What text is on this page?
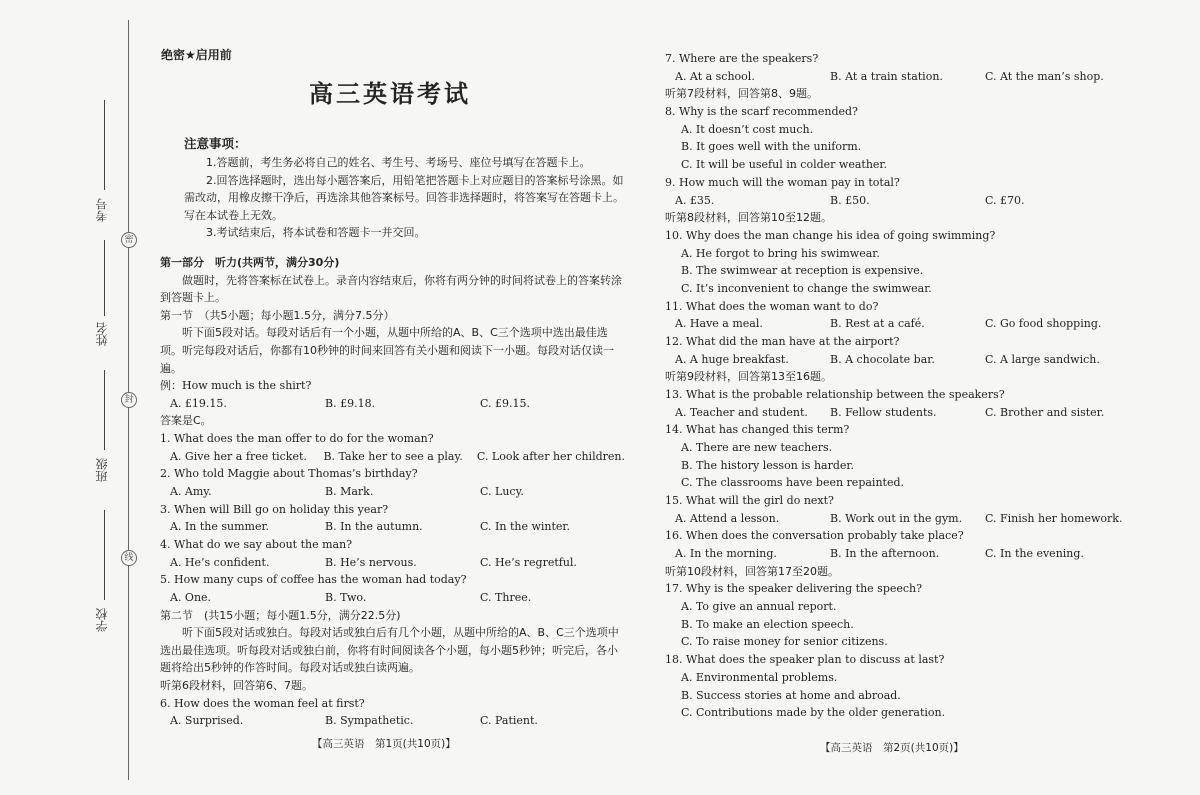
考号
姓名
班级
学校
密
封
线
绝密★启用前
高三英语考试
注意事项：

1.答题前，考生务必将自己的姓名、考生号、考场号、座位号填写在答题卡上。

2.回答选择题时，选出每小题答案后，用铅笔把答题卡上对应题目的答案标号涂黑。如需改动，用橡皮擦干净后，再选涂其他答案标号。回答非选择题时，将答案写在答题卡上。写在本试卷上无效。

3.考试结束后，将本试卷和答题卡一并交回。

第一部分　听力(共两节，满分30分)

做题时，先将答案标在试卷上。录音内容结束后，你将有两分钟的时间将试卷上的答案转涂到答题卡上。

第一节　（共5小题；每小题1.5分，满分7.5分）

听下面5段对话。每段对话后有一个小题，从题中所给的A、B、C三个选项中选出最佳选项。听完每段对话后，你都有10秒钟的时间来回答有关小题和阅读下一小题。每段对话仅读一遍。

例：How much is the shirt?
A. £19.15.	B. £9.18.	C. £9.15.
答案是C。
1. What does the man offer to do for the woman?
A. Give her a free ticket.	B. Take her to see a play.	C. Look after her children.
2. Who told Maggie about Thomas’s birthday?
A. Amy.	B. Mark.	C. Lucy.
3. When will Bill go on holiday this year?
A. In the summer.	B. In the autumn.	C. In the winter.
4. What do we say about the man?
A. He’s confident.	B. He’s nervous.	C. He’s regretful.
5. How many cups of coffee has the woman had today?
A. One.	B. Two.	C. Three.
第二节　(共15小题；每小题1.5分，满分22.5分)

听下面5段对话或独白。每段对话或独白后有几个小题，从题中所给的A、B、C三个选项中选出最佳选项。听每段对话或独白前，你将有时间阅读各个小题，每小题5秒钟；听完后，各小题将给出5秒钟的作答时间。每段对话或独白读两遍。

听第6段材料，回答第6、7题。
6. How does the woman feel at first?
A. Surprised.	B. Sympathetic.	C. Patient.
7. Where are the speakers?
A. At a school.	B. At a train station.	C. At the man’s shop.
听第7段材料，回答第8、9题。
8. Why is the scarf recommended?
A. It doesn’t cost much.
B. It goes well with the uniform.
C. It will be useful in colder weather.
9. How much will the woman pay in total?
A. £35.	B. £50.	C. £70.
听第8段材料，回答第10至12题。
10. Why does the man change his idea of going swimming?
A. He forgot to bring his swimwear.
B. The swimwear at reception is expensive.
C. It’s inconvenient to change the swimwear.
11. What does the woman want to do?
A. Have a meal.	B. Rest at a café.	C. Go food shopping.
12. What did the man have at the airport?
A. A huge breakfast.	B. A chocolate bar.	C. A large sandwich.
听第9段材料，回答第13至16题。
13. What is the probable relationship between the speakers?
A. Teacher and student.	B. Fellow students.	C. Brother and sister.
14. What has changed this term?
A. There are new teachers.
B. The history lesson is harder.
C. The classrooms have been repainted.
15. What will the girl do next?
A. Attend a lesson.	B. Work out in the gym.	C. Finish her homework.
16. When does the conversation probably take place?
A. In the morning.	B. In the afternoon.	C. In the evening.
听第10段材料，回答第17至20题。
17. Why is the speaker delivering the speech?
A. To give an annual report.
B. To make an election speech.
C. To raise money for senior citizens.
18. What does the speaker plan to discuss at last?
A. Environmental problems.
B. Success stories at home and abroad.
C. Contributions made by the older generation.
【高三英语　第1页(共10页)】	【高三英语　第2页(共10页)】
